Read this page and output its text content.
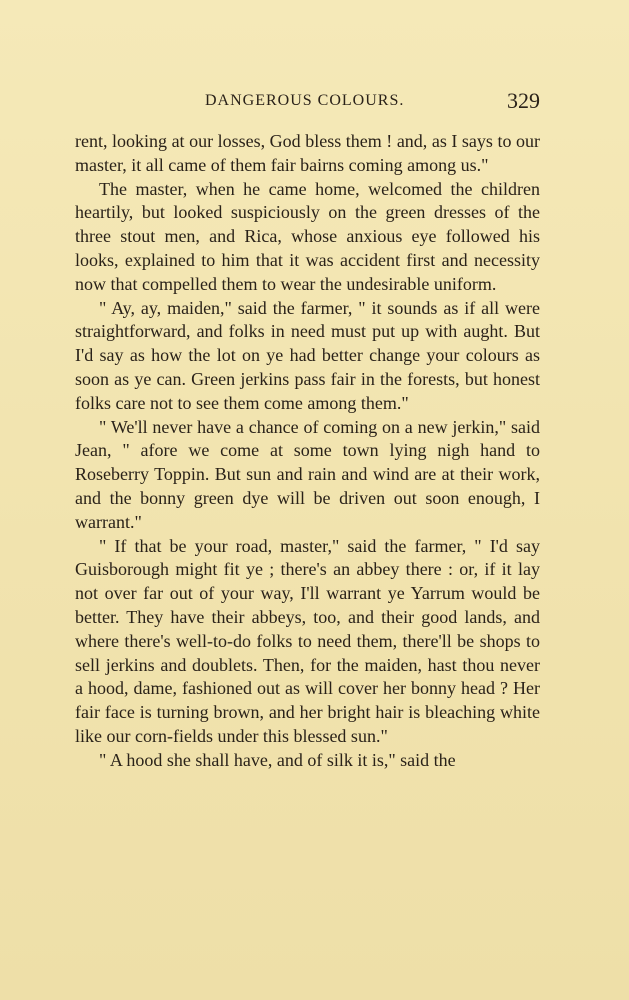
DANGEROUS COLOURS.	329

rent, looking at our losses, God bless them ! and, as I says to our master, it all came of them fair bairns coming among us."

The master, when he came home, welcomed the children heartily, but looked suspiciously on the green dresses of the three stout men, and Rica, whose anxious eye followed his looks, explained to him that it was accident first and necessity now that compelled them to wear the undesirable uniform.

" Ay, ay, maiden," said the farmer, " it sounds as if all were straightforward, and folks in need must put up with aught. But I'd say as how the lot on ye had better change your colours as soon as ye can. Green jerkins pass fair in the forests, but honest folks care not to see them come among them."

" We'll never have a chance of coming on a new jerkin," said Jean, " afore we come at some town lying nigh hand to Roseberry Toppin. But sun and rain and wind are at their work, and the bonny green dye will be driven out soon enough, I warrant."

" If that be your road, master," said the farmer, " I'd say Guisborough might fit ye ; there's an abbey there : or, if it lay not over far out of your way, I'll warrant ye Yarrum would be better. They have their abbeys, too, and their good lands, and where there's well-to-do folks to need them, there'll be shops to sell jerkins and doublets. Then, for the maiden, hast thou never a hood, dame, fashioned out as will cover her bonny head ? Her fair face is turning brown, and her bright hair is bleaching white like our corn-fields under this blessed sun."

" A hood she shall have, and of silk it is," said the
